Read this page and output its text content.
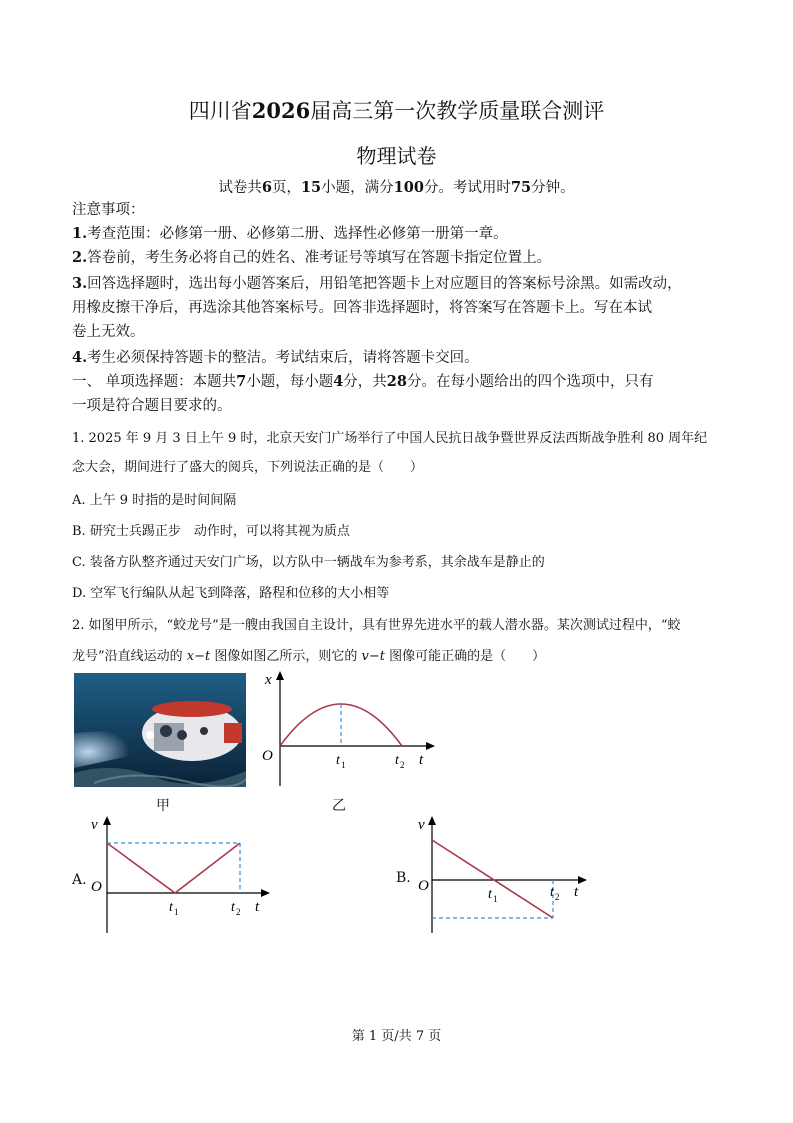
四川省2026届高三第一次教学质量联合测评
物理试卷
试卷共6页，15小题，满分100分。考试用时75分钟。
注意事项：
1.考查范围：必修第一册、必修第二册、选择性必修第一册第一章。
2.答卷前，考生务必将自己的姓名、准考证号等填写在答题卡指定位置上。
3.回答选择题时，选出每小题答案后，用铅笔把答题卡上对应题目的答案标号涂黑。如需改动，
用橡皮擦干净后，再选涂其他答案标号。回答非选择题时，将答案写在答题卡上。写在本试
卷上无效。
4.考生必须保持答题卡的整洁。考试结束后，请将答题卡交回。
一、 单项选择题：本题共7小题，每小题4分，共28分。在每小题给出的四个选项中，只有
一项是符合题目要求的。
1. 2025 年 9 月 3 日上午 9 时，北京天安门广场举行了中国人民抗日战争暨世界反法西斯战争胜利 80 周年纪
念大会，期间进行了盛大的阅兵，下列说法正确的是（　　）
A. 上午 9 时指的是时间间隔
B. 研究士兵踢正步　动作时，可以将其视为质点
C. 装备方队整齐通过天安门广场，以方队中一辆战车为参考系，其余战车是静止的
D. 空军飞行编队从起飞到降落，路程和位移的大小相等
2. 如图甲所示，“蛟龙号”是一艘由我国自主设计，具有世界先进水平的载人潜水器。某次测试过程中，“蛟
龙号”沿直线运动的 x−t 图像如图乙所示，则它的 v−t 图像可能正确的是（　　）
甲
x
O	t 1	t 2 t
乙
A.
v
O
t 1	t 2 t
B.
v
O
t 1	t 2 t
第 1 页/共 7 页
